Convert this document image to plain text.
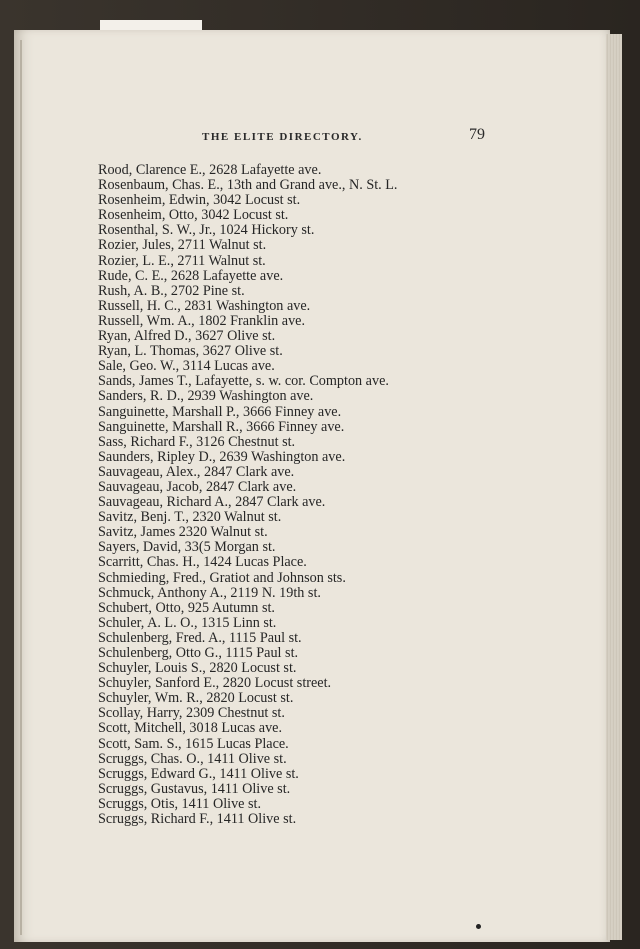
THE ELITE DIRECTORY.	79
Rood, Clarence E., 2628 Lafayette ave.
Rosenbaum, Chas. E., 13th and Grand ave., N. St. L.
Rosenheim, Edwin, 3042 Locust st.
Rosenheim, Otto, 3042 Locust st.
Rosenthal, S. W., Jr., 1024 Hickory st.
Rozier, Jules, 2711 Walnut st.
Rozier, L. E., 2711 Walnut st.
Rude, C. E., 2628 Lafayette ave.
Rush, A. B., 2702 Pine st.
Russell, H. C., 2831 Washington ave.
Russell, Wm. A., 1802 Franklin ave.
Ryan, Alfred D., 3627 Olive st.
Ryan, L. Thomas, 3627 Olive st.
Sale, Geo. W., 3114 Lucas ave.
Sands, James T., Lafayette, s. w. cor. Compton ave.
Sanders, R. D., 2939 Washington ave.
Sanguinette, Marshall P., 3666 Finney ave.
Sanguinette, Marshall R., 3666 Finney ave.
Sass, Richard F., 3126 Chestnut st.
Saunders, Ripley D., 2639 Washington ave.
Sauvageau, Alex., 2847 Clark ave.
Sauvageau, Jacob, 2847 Clark ave.
Sauvageau, Richard A., 2847 Clark ave.
Savitz, Benj. T., 2320 Walnut st.
Savitz, James 2320 Walnut st.
Sayers, David, 33(5 Morgan st.
Scarritt, Chas. H., 1424 Lucas Place.
Schmieding, Fred., Gratiot and Johnson sts.
Schmuck, Anthony A., 2119 N. 19th st.
Schubert, Otto, 925 Autumn st.
Schuler, A. L. O., 1315 Linn st.
Schulenberg, Fred. A., 1115 Paul st.
Schulenberg, Otto G., 1115 Paul st.
Schuyler, Louis S., 2820 Locust st.
Schuyler, Sanford E., 2820 Locust street.
Schuyler, Wm. R., 2820 Locust st.
Scollay, Harry, 2309 Chestnut st.
Scott, Mitchell, 3018 Lucas ave.
Scott, Sam. S., 1615 Lucas Place.
Scruggs, Chas. O., 1411 Olive st.
Scruggs, Edward G., 1411 Olive st.
Scruggs, Gustavus, 1411 Olive st.
Scruggs, Otis, 1411 Olive st.
Scruggs, Richard F., 1411 Olive st.
